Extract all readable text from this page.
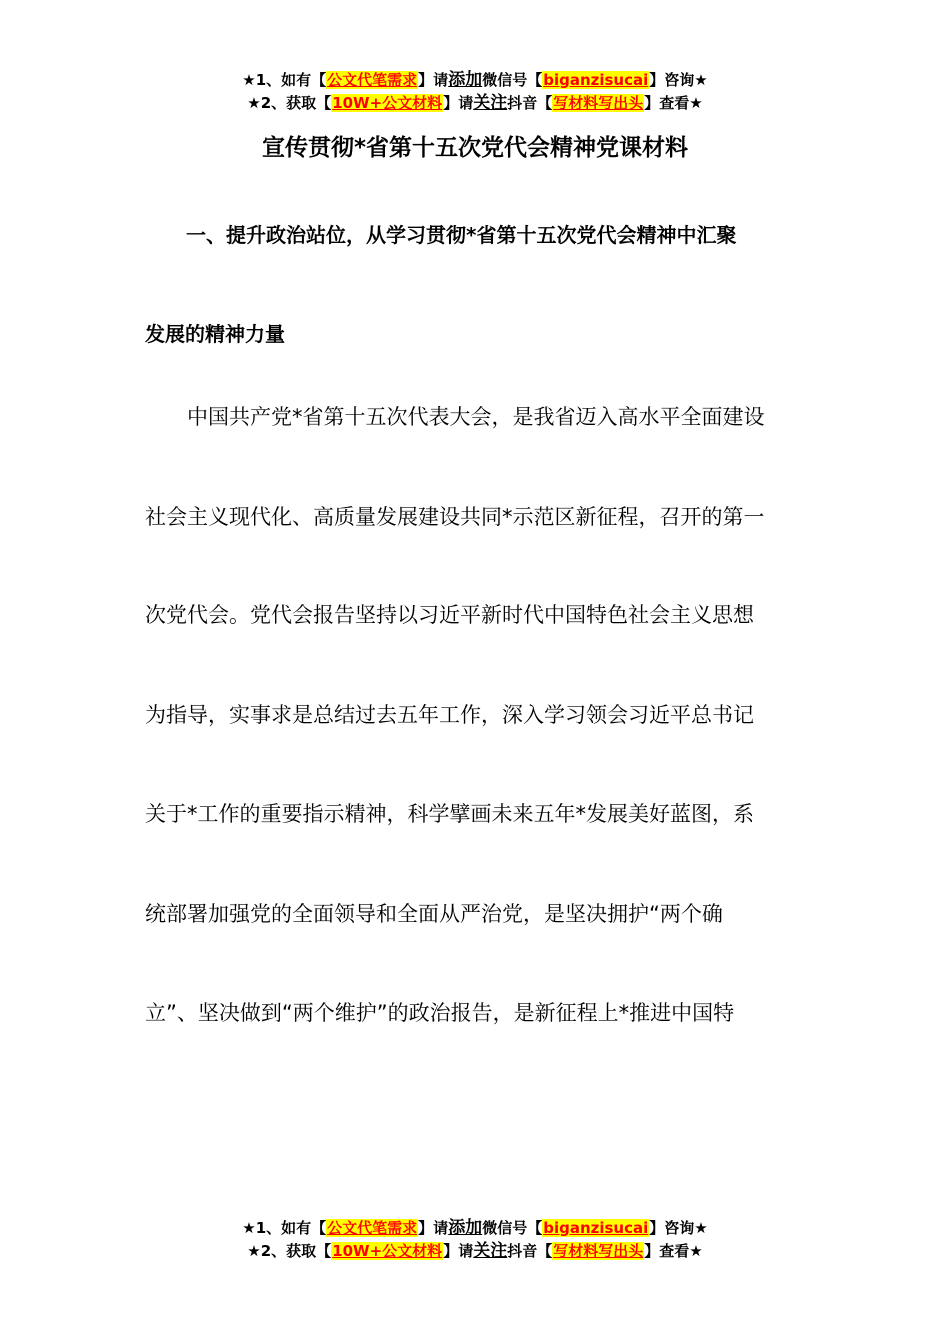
★1、如有【公文代笔需求】请添加微信号【biganzisucai】咨询★
★2、获取【10W+公文材料】请关注抖音【写材料写出头】查看★
宣传贯彻*省第十五次党代会精神党课材料
一、提升政治站位，从学习贯彻*省第十五次党代会精神中汇聚
发展的精神力量
　　中国共产党*省第十五次代表大会，是我省迈入高水平全面建设
社会主义现代化、高质量发展建设共同*示范区新征程，召开的第一
次党代会。党代会报告坚持以习近平新时代中国特色社会主义思想
为指导，实事求是总结过去五年工作，深入学习领会习近平总书记
关于*工作的重要指示精神，科学擘画未来五年*发展美好蓝图，系
统部署加强党的全面领导和全面从严治党，是坚决拥护“两个确
立”、坚决做到“两个维护”的政治报告，是新征程上*推进中国特
★1、如有【公文代笔需求】请添加微信号【biganzisucai】咨询★
★2、获取【10W+公文材料】请关注抖音【写材料写出头】查看★
